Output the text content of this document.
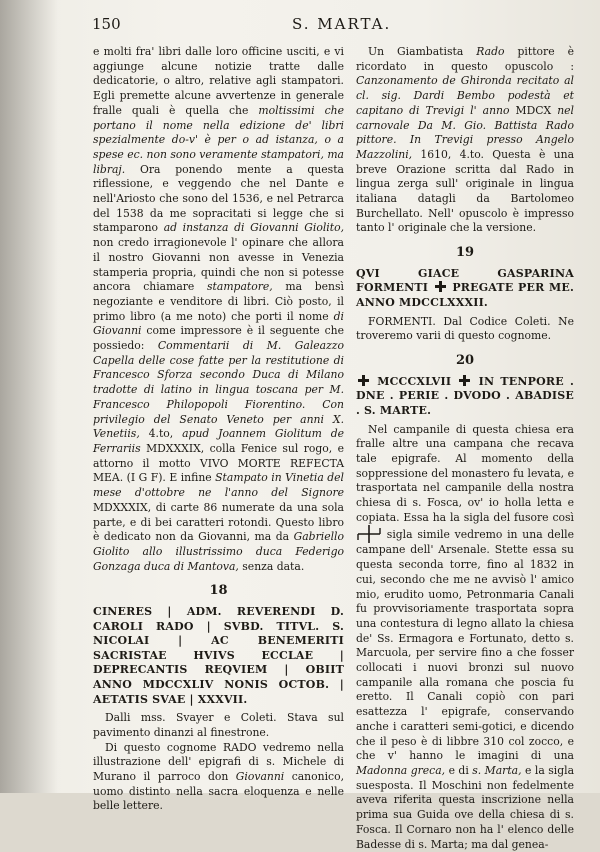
150	S. MARTA.

e molti fra' libri dalle loro officine usciti, e vi aggiunge alcune notizie tratte dalle dedicatorie, o altro, relative agli stampatori. Egli premette alcune avvertenze in generale fralle quali è quella che moltissimi che portano il nome nella edizione de' libri spezialmente do-v' è per o ad istanza, o a spese ec. non sono veramente stampatori, ma libraj. Ora ponendo mente a questa riflessione, e veggendo che nel Dante e nell'Ariosto che sono del 1536, e nel Petrarca del 1538 da me sopracitati si legge che si stamparono ad instanza di Giovanni Giolito, non credo irragionevole l' opinare che allora il nostro Giovanni non avesse in Venezia stamperia propria, quindi che non si potesse ancora chiamare stampatore, ma bensì negoziante e venditore di libri. Ciò posto, il primo libro (a me noto) che porti il nome di Giovanni come impressore è il seguente che possiedo: Commentarii di M. Galeazzo Capella delle cose fatte per la restitutione di Francesco Sforza secondo Duca di Milano tradotte di latino in lingua toscana per M. Francesco Philopopoli Fiorentino. Con privilegio del Senato Veneto per anni X. Venetiis, 4.to, apud Joannem Giolitum de Ferrariis MDXXXIX, colla Fenice sul rogo, e attorno il motto VIVO MORTE REFECTA MEA. (I G F). E infine Stampato in Vinetia del mese d'ottobre ne l'anno del Signore MDXXXIX, di carte 86 numerate da una sola parte, e di bei caratteri rotondi. Questo libro è dedicato non da Giovanni, ma da Gabriello Giolito allo illustrissimo duca Federigo Gonzaga duca di Mantova, senza data.

18
CINERES | ADM. REVERENDI D. CAROLI RADO | SVBD. TITVL. S. NICOLAI | AC BENEMERITI SACRISTAE HVIVS ECCLAE | DEPRECANTIS REQVIEM | OBIIT ANNO MDCCXLIV NONIS OCTOB. | AETATIS SVAE | XXXVII.

Dalli mss. Svayer e Coleti. Stava sul pavimento dinanzi al finestrone.

Di questo cognome RADO vedremo nella illustrazione dell' epigrafi di s. Michele di Murano il parroco don Giovanni canonico, uomo distinto nella sacra eloquenza e nelle belle lettere.

Un Giambatista Rado pittore è ricordato in questo opuscolo : Canzonamento de Ghironda recitato al cl. sig. Dardi Bembo podestà et capitano di Trevigi l' anno MDCX nel carnovale Da M. Gio. Battista Rado pittore. In Trevigi presso Angelo Mazzolini, 1610, 4.to. Questa è una breve Orazione scritta dal Rado in lingua zerga sull' originale in lingua italiana datagli da Bartolomeo Burchellato. Nell' opuscolo è impresso tanto l' originale che la versione.

19
QVI GIACE GASPARINA FORMENTI PREGATE PER ME. ANNO MDCCLXXXII.

FORMENTI. Dal Codice Coleti. Ne troveremo varii di questo cognome.

20
MCCCXLVII IN TENPORE . DNE . PERIE . DVODO . ABADISE . S. MARTE.

Nel campanile di questa chiesa era fralle altre una campana che recava tale epigrafe. Al momento della soppressione del monastero fu levata, e trasportata nel campanile della nostra chiesa di s. Fosca, ov' io holla letta e copiata. Essa ha la sigla del fusore così  sigla simile vedremo in una delle campane dell' Arsenale. Stette essa su questa seconda torre, fino al 1832 in cui, secondo che me ne avvisò l' amico mio, erudito uomo, Petronmaria Canali fu provvisoriamente trasportata sopra una contestura di legno allato la chiesa de' Ss. Ermagora e Fortunato, detto s. Marcuola, per servire fino a che fosser collocati i nuovi bronzi sul nuovo campanile alla romana che poscia fu eretto. Il Canali copiò con pari esattezza l' epigrafe, conservando anche i caratteri semi-gotici, e dicendo che il peso è di libbre 310 col zocco, e che v' hanno le imagini di una Madonna greca, e di s. Marta, e la sigla suesposta. Il Moschini non fedelmente aveva riferita questa inscrizione nella prima sua Guida ove della chiesa di s. Fosca. Il Cornaro non ha l' elenco delle Badesse di s. Marta; ma dal genea-
